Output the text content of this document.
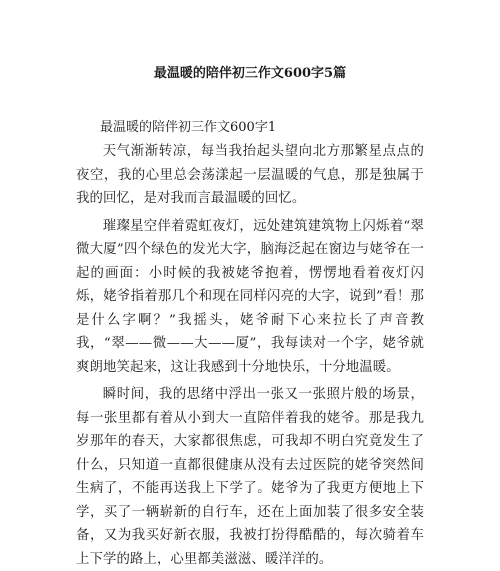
最温暖的陪伴初三作文600字5篇

最温暖的陪伴初三作文600字1

天气渐渐转凉，每当我抬起头望向北方那繁星点点的夜空，我的心里总会荡漾起一层温暖的气息，那是独属于我的回忆，是对我而言最温暖的回忆。

璀璨星空伴着霓虹夜灯，远处建筑建筑物上闪烁着“翠微大厦”四个绿色的发光大字，脑海泛起在窗边与姥爷在一起的画面：小时候的我被姥爷抱着，愣愣地看着夜灯闪烁，姥爷指着那几个和现在同样闪亮的大字，说到”看！那是什么字啊？”我摇头，姥爷耐下心来拉长了声音教我，“翠——微——大——厦”，我每读对一个字，姥爷就爽朗地笑起来，这让我感到十分地快乐，十分地温暖。

瞬时间，我的思绪中浮出一张又一张照片般的场景，每一张里都有着从小到大一直陪伴着我的姥爷。那是我九岁那年的春天，大家都很焦虑，可我却不明白究竟发生了什么，只知道一直都很健康从没有去过医院的姥爷突然间生病了，不能再送我上下学了。姥爷为了我更方便地上下学，买了一辆崭新的自行车，还在上面加装了很多安全装备，又为我买好新衣服，我被打扮得酷酷的，每次骑着车上下学的路上，心里都美滋滋、暖洋洋的。
